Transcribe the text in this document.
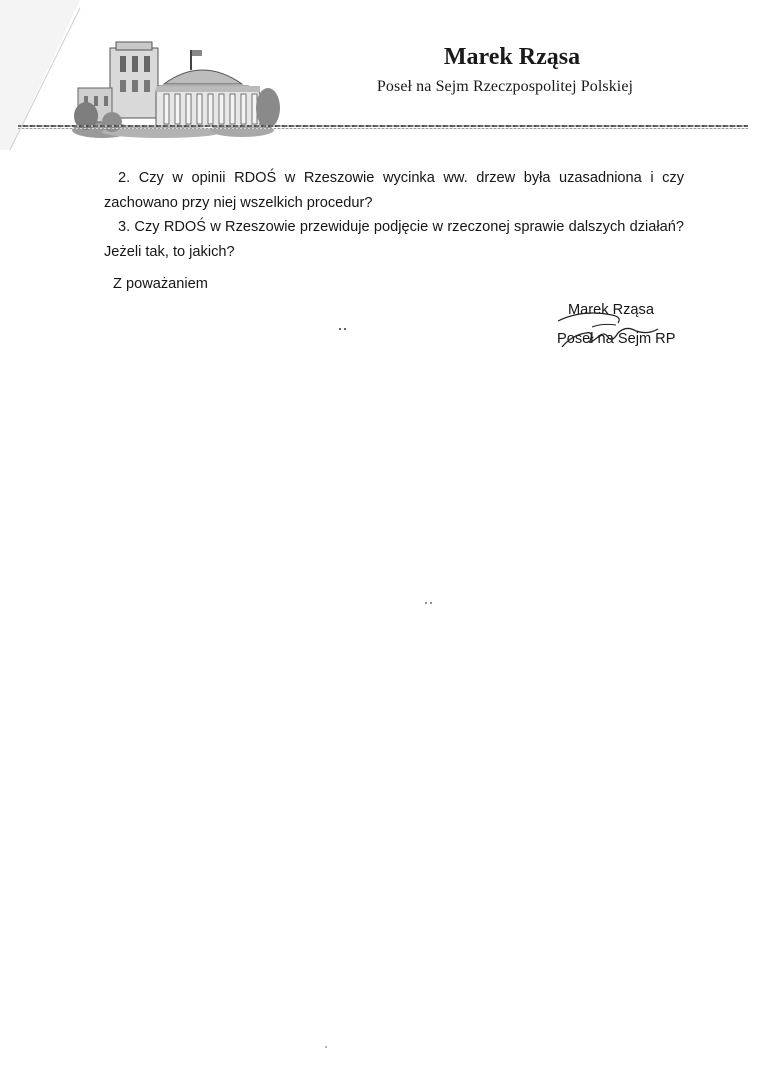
Marek Rząsa
Poseł na Sejm Rzeczpospolitej Polskiej

2. Czy w opinii RDOŚ w Rzeszowie wycinka ww. drzew była uzasadniona i czy zachowano przy niej wszelkich procedur?

3. Czy RDOŚ w Rzeszowie przewiduje podjęcie w rzeczonej sprawie dalszych działań? Jeżeli tak, to jakich?

Z poważaniem
Marek Rząsa
Poseł na Sejm RP
